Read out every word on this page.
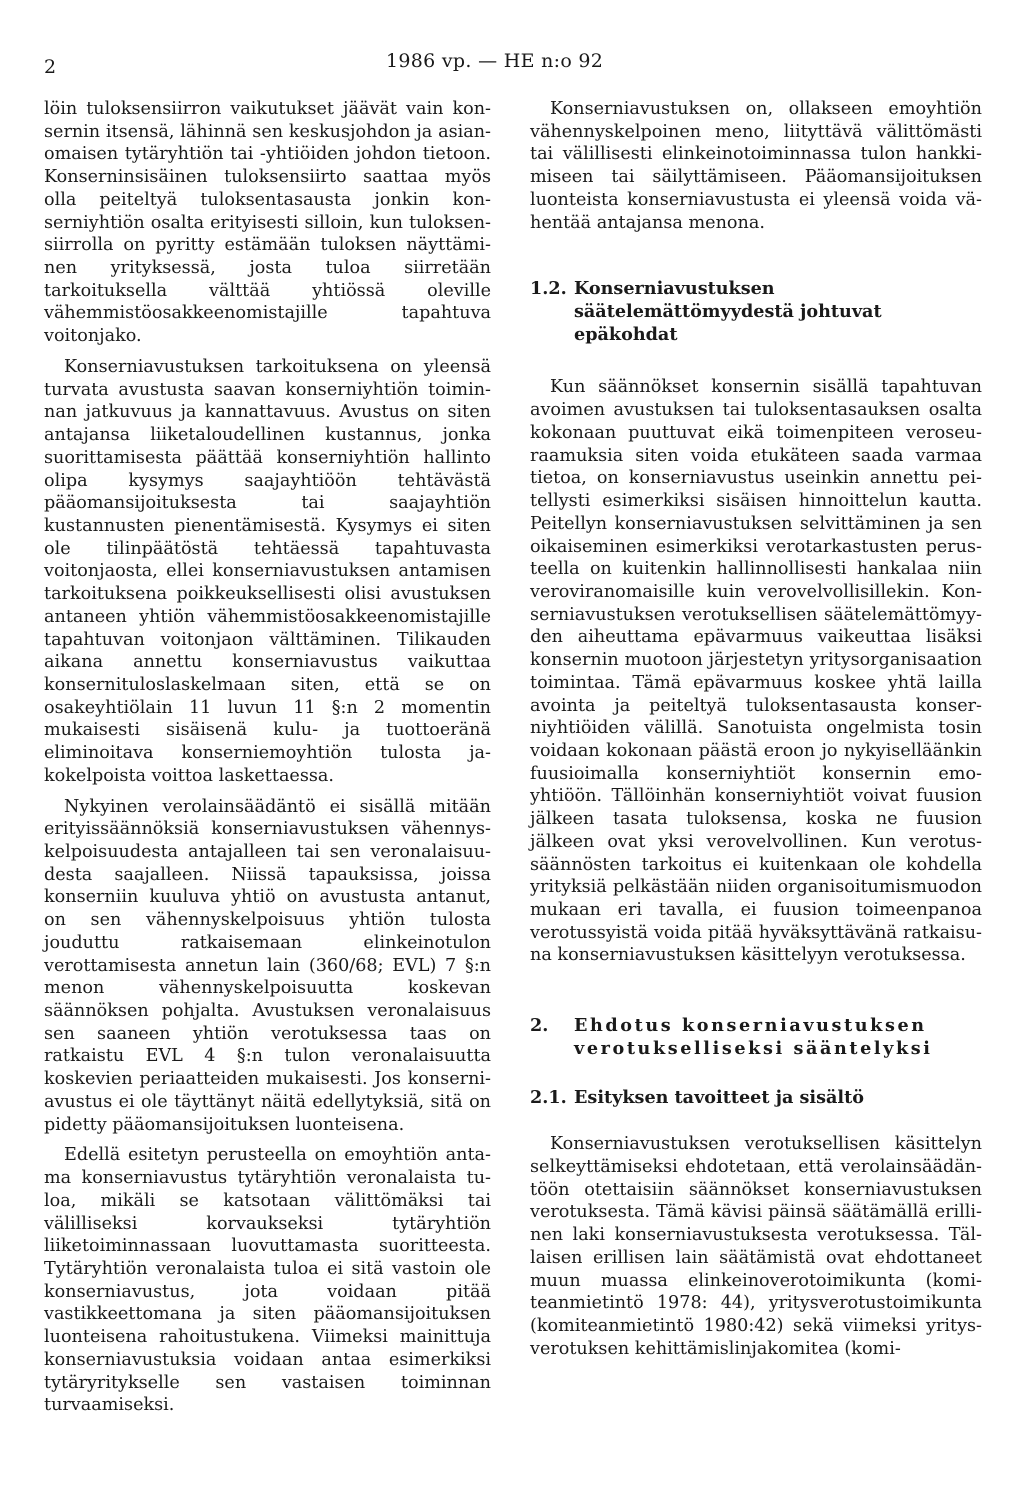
2	1986 vp. — HE n:o 92

löin tuloksensiirron vaikutukset jäävät vain konsernin itsensä, lähinnä sen keskusjohdon ja asianomaisen tytäryhtiön tai -yhtiöiden johdon tietoon. Konserninsisäinen tuloksensiirto saattaa myös olla peiteltyä tuloksentasausta jonkin konserniyhtiön osalta erityisesti silloin, kun tuloksensiirrolla on pyritty estämään tuloksen näyttäminen yrityksessä, josta tuloa siirretään tarkoituksella välttää yhtiössä oleville vähemmistöosakkeenomistajille tapahtuva voitonjako.

Konserniavustuksen tarkoituksena on yleensä turvata avustusta saavan konserniyhtiön toiminnan jatkuvuus ja kannattavuus. Avustus on siten antajansa liiketaloudellinen kustannus, jonka suorittamisesta päättää konserniyhtiön hallinto olipa kysymys saajayhtiöön tehtävästä pääomansijoituksesta tai saajayhtiön kustannusten pienentämisestä. Kysymys ei siten ole tilinpäätöstä tehtäessä tapahtuvasta voitonjaosta, ellei konserniavustuksen antamisen tarkoituksena poikkeuksellisesti olisi avustuksen antaneen yhtiön vähemmistöosakkeenomistajille tapahtuvan voitonjaon välttäminen. Tilikauden aikana annettu konserniavustus vaikuttaa konsernituloslaskelmaan siten, että se on osakeyhtiölain 11 luvun 11 §:n 2 momentin mukaisesti sisäisenä kulu- ja tuottoeränä eliminoitava konserniemoyhtiön tulosta jakokelpoista voittoa laskettaessa.

Nykyinen verolainsäädäntö ei sisällä mitään erityissäännöksiä konserniavustuksen vähennyskelpoisuudesta antajalleen tai sen veronalaisuudesta saajalleen. Niissä tapauksissa, joissa konserniin kuuluva yhtiö on avustusta antanut, on sen vähennyskelpoisuus yhtiön tulosta jouduttu ratkaisemaan elinkeinotulon verottamisesta annetun lain (360/68; EVL) 7 §:n menon vähennyskelpoisuutta koskevan säännöksen pohjalta. Avustuksen veronalaisuus sen saaneen yhtiön verotuksessa taas on ratkaistu EVL 4 §:n tulon veronalaisuutta koskevien periaatteiden mukaisesti. Jos konserniavustus ei ole täyttänyt näitä edellytyksiä, sitä on pidetty pääomansijoituksen luonteisena.

Edellä esitetyn perusteella on emoyhtiön antama konserniavustus tytäryhtiön veronalaista tuloa, mikäli se katsotaan välittömäksi tai välilliseksi korvaukseksi tytäryhtiön liiketoiminnassaan luovuttamasta suoritteesta. Tytäryhtiön veronalaista tuloa ei sitä vastoin ole konserniavustus, jota voidaan pitää vastikkeettomana ja siten pääomansijoituksen luonteisena rahoitustukena. Viimeksi mainittuja konserniavustuksia voidaan antaa esimerkiksi tytäryritykselle sen vastaisen toiminnan turvaamiseksi.

Konserniavustuksen on, ollakseen emoyhtiön vähennyskelpoinen meno, liityttävä välittömästi tai välillisesti elinkeinotoiminnassa tulon hankkimiseen tai säilyttämiseen. Pääomansijoituksen luonteista konserniavustusta ei yleensä voida vähentää antajansa menona.

1.2. Konserniavustuksen säätelemättömyydestä johtuvat epäkohdat

Kun säännökset konsernin sisällä tapahtuvan avoimen avustuksen tai tuloksentasauksen osalta kokonaan puuttuvat eikä toimenpiteen veroseuraamuksia siten voida etukäteen saada varmaa tietoa, on konserniavustus useinkin annettu peitellysti esimerkiksi sisäisen hinnoittelun kautta. Peitellyn konserniavustuksen selvittäminen ja sen oikaiseminen esimerkiksi verotarkastusten perusteella on kuitenkin hallinnollisesti hankalaa niin veroviranomaisille kuin verovelvollisillekin. Konserniavustuksen verotuksellisen säätelemättömyyden aiheuttama epävarmuus vaikeuttaa lisäksi konsernin muotoon järjestetyn yritysorganisaation toimintaa. Tämä epävarmuus koskee yhtä lailla avointa ja peiteltyä tuloksentasausta konserniyhtiöiden välillä. Sanotuista ongelmista tosin voidaan kokonaan päästä eroon jo nykyiselläänkin fuusioimalla konserniyhtiöt konsernin emoyhtiöön. Tällöinhän konserniyhtiöt voivat fuusion jälkeen tasata tuloksensa, koska ne fuusion jälkeen ovat yksi verovelvollinen. Kun verotussäännösten tarkoitus ei kuitenkaan ole kohdella yrityksiä pelkästään niiden organisoitumismuodon mukaan eri tavalla, ei fuusion toimeenpanoa verotussyistä voida pitää hyväksyttävänä ratkaisuna konserniavustuksen käsittelyyn verotuksessa.

2.	Ehdotus konserniavustuksen verotukselliseksi sääntelyksi
2.1. Esityksen tavoitteet ja sisältö

Konserniavustuksen verotuksellisen käsittelyn selkeyttämiseksi ehdotetaan, että verolainsäädäntöön otettaisiin säännökset konserniavustuksen verotuksesta. Tämä kävisi päinsä säätämällä erillinen laki konserniavustuksesta verotuksessa. Tällaisen erillisen lain säätämistä ovat ehdottaneet muun muassa elinkeinoverotoimikunta (komiteanmietintö 1978: 44), yritysverotustoimikunta (komiteanmietintö 1980:42) sekä viimeksi yritysverotuksen kehittämislinjakomitea (komi-
